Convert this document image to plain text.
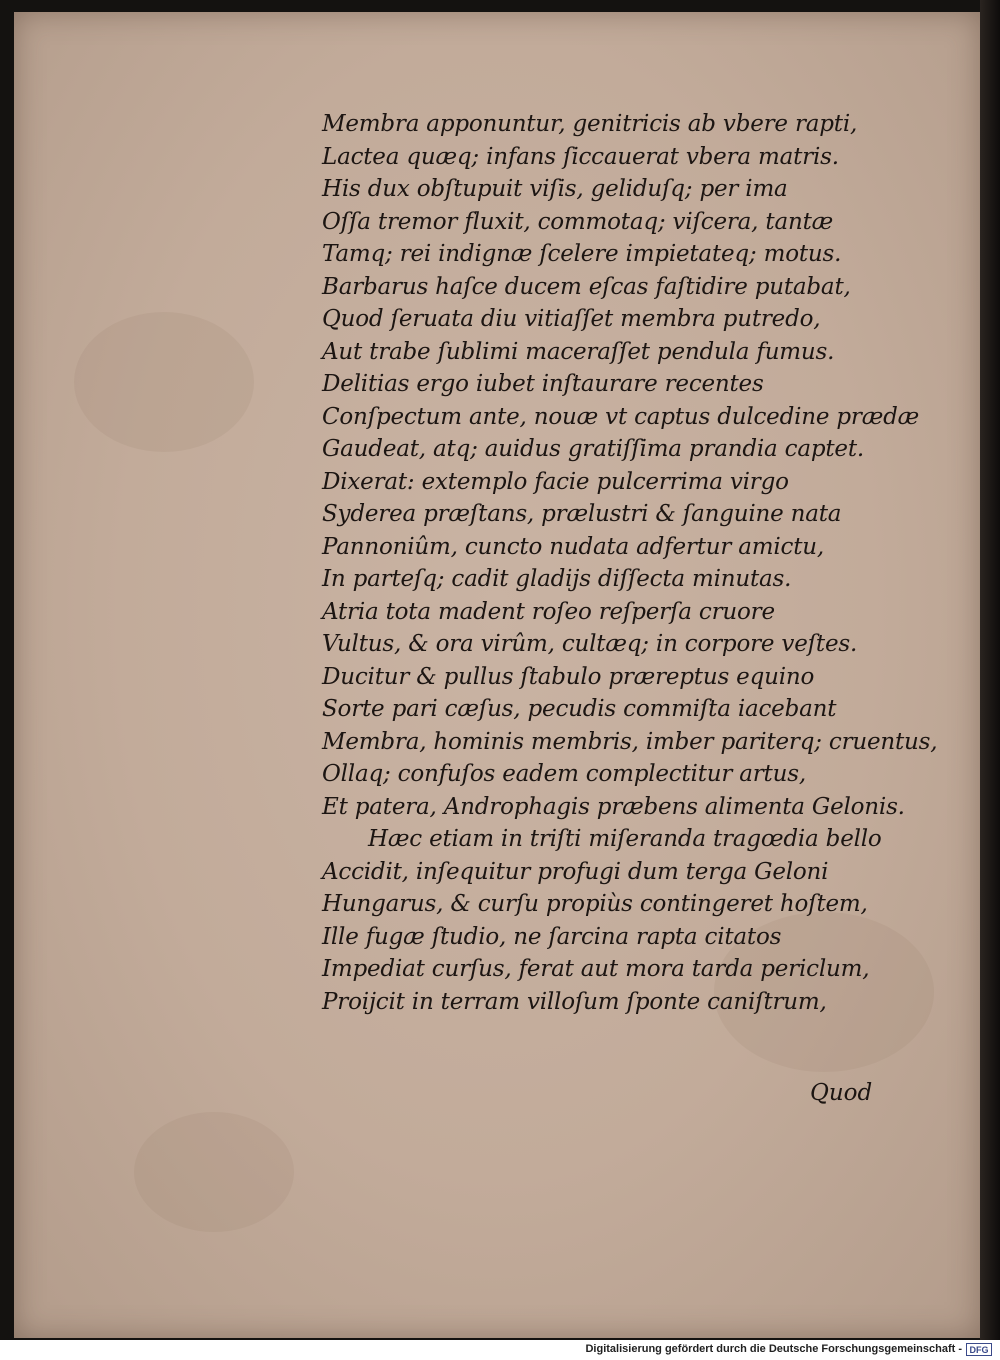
Membra apponuntur, genitricis ab vbere rapti,
Lactea quæq; infans ſiccauerat vbera matris.
His dux obſtupuit viſis, geliduſq; per ima
Oſſa tremor fluxit, commotaq; viſcera, tantæ
Tamq; rei indignæ ſcelere impietateq; motus.
Barbarus haſce ducem eſcas faſtidire putabat,
Quod ſeruata diu vitiaſſet membra putredo,
Aut trabe ſublimi maceraſſet pendula fumus.
Delitias ergo iubet inſtaurare recentes
Conſpectum ante, nouæ vt captus dulcedine prædæ
Gaudeat, atq; auidus gratiſſima prandia captet.
Dixerat: extemplo facie pulcerrima virgo
Syderea præſtans, prælustri & ſanguine nata
Pannoniûm, cuncto nudata adfertur amictu,
In parteſq; cadit gladijs diſſecta minutas.
Atria tota madent roſeo reſperſa cruore
Vultus, & ora virûm, cultæq; in corpore veſtes.
Ducitur & pullus ſtabulo præreptus equino
Sorte pari cæſus, pecudis commiſta iacebant
Membra, hominis membris, imber pariterq; cruentus,
Ollaq; confuſos eadem complectitur artus,
Et patera, Androphagis præbens alimenta Gelonis.
Hæc etiam in triſti miſeranda tragœdia bello
Accidit, inſequitur profugi dum terga Geloni
Hungarus, & curſu propiùs contingeret hoſtem,
Ille fugæ ſtudio, ne ſarcina rapta citatos
Impediat curſus, ferat aut mora tarda periclum,
Proijcit in terram villoſum ſponte caniſtrum,
Quod
Digitalisierung gefördert durch die Deutsche Forschungsgemeinschaft - DFG
